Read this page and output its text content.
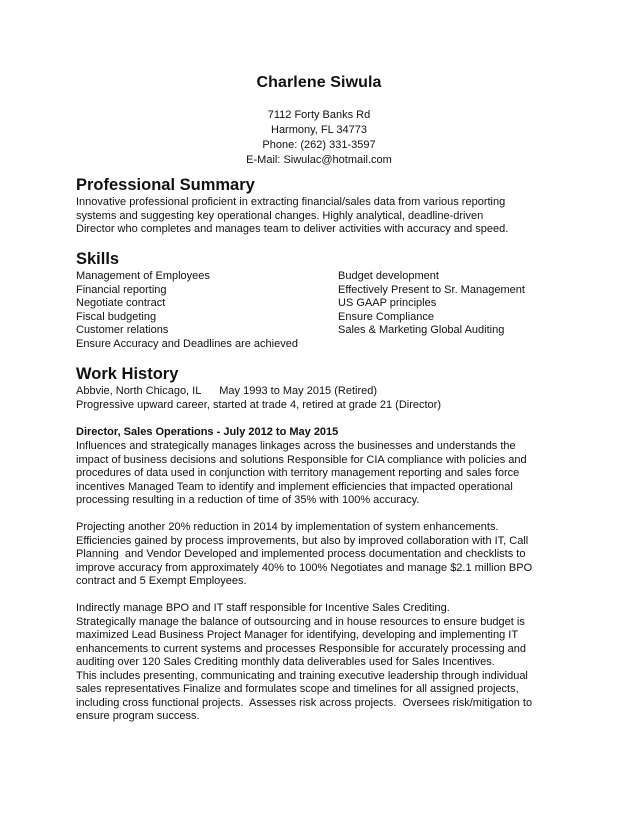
Charlene Siwula
7112 Forty Banks Rd
Harmony, FL 34773
Phone: (262) 331-3597
E-Mail: Siwulac@hotmail.com
Professional Summary
Innovative professional proficient in extracting financial/sales data from various reporting
systems and suggesting key operational changes. Highly analytical, deadline-driven
Director who completes and manages team to deliver activities with accuracy and speed.
Skills
Management of Employees
Financial reporting
Negotiate contract
Fiscal budgeting
Customer relations
Ensure Accuracy and Deadlines are achieved
Budget development
Effectively Present to Sr. Management
US GAAP principles
Ensure Compliance
Sales & Marketing Global Auditing
Work History
Abbvie, North Chicago, IL      May 1993 to May 2015 (Retired)
Progressive upward career, started at trade 4, retired at grade 21 (Director)
Director, Sales Operations - July 2012 to May 2015
Influences and strategically manages linkages across the businesses and understands the
impact of business decisions and solutions Responsible for CIA compliance with policies and
procedures of data used in conjunction with territory management reporting and sales force
incentives Managed Team to identify and implement efficiencies that impacted operational
processing resulting in a reduction of time of 35% with 100% accuracy.
Projecting another 20% reduction in 2014 by implementation of system enhancements.
Efficiencies gained by process improvements, but also by improved collaboration with IT, Call
Planning  and Vendor Developed and implemented process documentation and checklists to
improve accuracy from approximately 40% to 100% Negotiates and manage $2.1 million BPO
contract and 5 Exempt Employees.
Indirectly manage BPO and IT staff responsible for Incentive Sales Crediting.
Strategically manage the balance of outsourcing and in house resources to ensure budget is
maximized Lead Business Project Manager for identifying, developing and implementing IT
enhancements to current systems and processes Responsible for accurately processing and
auditing over 120 Sales Crediting monthly data deliverables used for Sales Incentives.
This includes presenting, communicating and training executive leadership through individual
sales representatives Finalize and formulates scope and timelines for all assigned projects,
including cross functional projects.  Assesses risk across projects.  Oversees risk/mitigation to
ensure program success.
